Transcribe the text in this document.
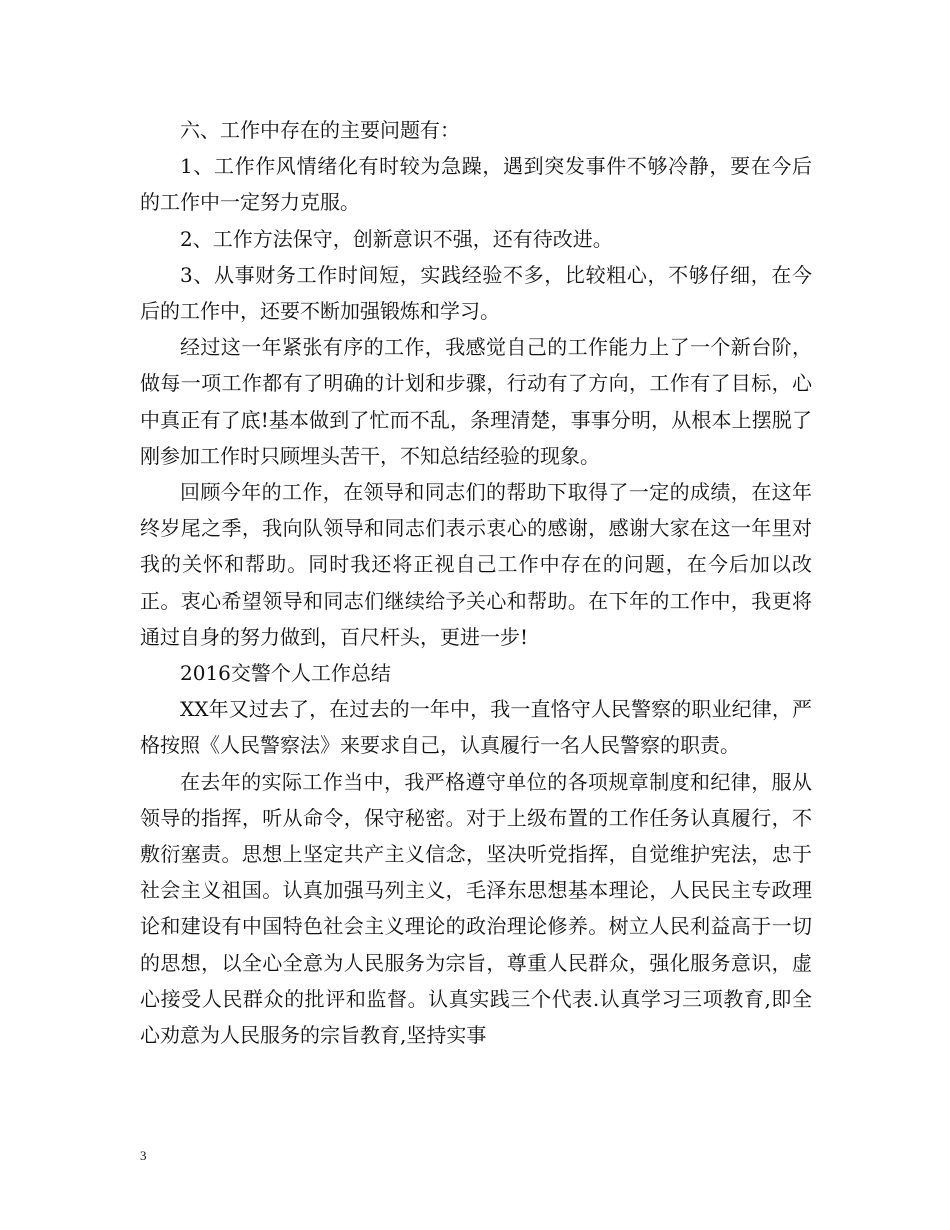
六、工作中存在的主要问题有：

1、工作作风情绪化有时较为急躁，遇到突发事件不够冷静，要在今后的工作中一定努力克服。

2、工作方法保守，创新意识不强，还有待改进。

3、从事财务工作时间短，实践经验不多，比较粗心，不够仔细，在今后的工作中，还要不断加强锻炼和学习。

经过这一年紧张有序的工作，我感觉自己的工作能力上了一个新台阶，做每一项工作都有了明确的计划和步骤，行动有了方向，工作有了目标，心中真正有了底!基本做到了忙而不乱，条理清楚，事事分明，从根本上摆脱了刚参加工作时只顾埋头苦干，不知总结经验的现象。

回顾今年的工作，在领导和同志们的帮助下取得了一定的成绩，在这年终岁尾之季，我向队领导和同志们表示衷心的感谢，感谢大家在这一年里对我的关怀和帮助。同时我还将正视自己工作中存在的问题，在今后加以改正。衷心希望领导和同志们继续给予关心和帮助。在下年的工作中，我更将通过自身的努力做到，百尺杆头，更进一步!

2016交警个人工作总结

XX年又过去了，在过去的一年中，我一直恪守人民警察的职业纪律，严格按照《人民警察法》来要求自己，认真履行一名人民警察的职责。

在去年的实际工作当中，我严格遵守单位的各项规章制度和纪律，服从领导的指挥，听从命令，保守秘密。对于上级布置的工作任务认真履行，不敷衍塞责。思想上坚定共产主义信念，坚决听党指挥，自觉维护宪法，忠于社会主义祖国。认真加强马列主义，毛泽东思想基本理论，人民民主专政理论和建设有中国特色社会主义理论的政治理论修养。树立人民利益高于一切的思想，以全心全意为人民服务为宗旨，尊重人民群众，强化服务意识，虚心接受人民群众的批评和监督。认真实践三个代表.认真学习三项教育,即全心劝意为人民服务的宗旨教育,坚持实事

3
